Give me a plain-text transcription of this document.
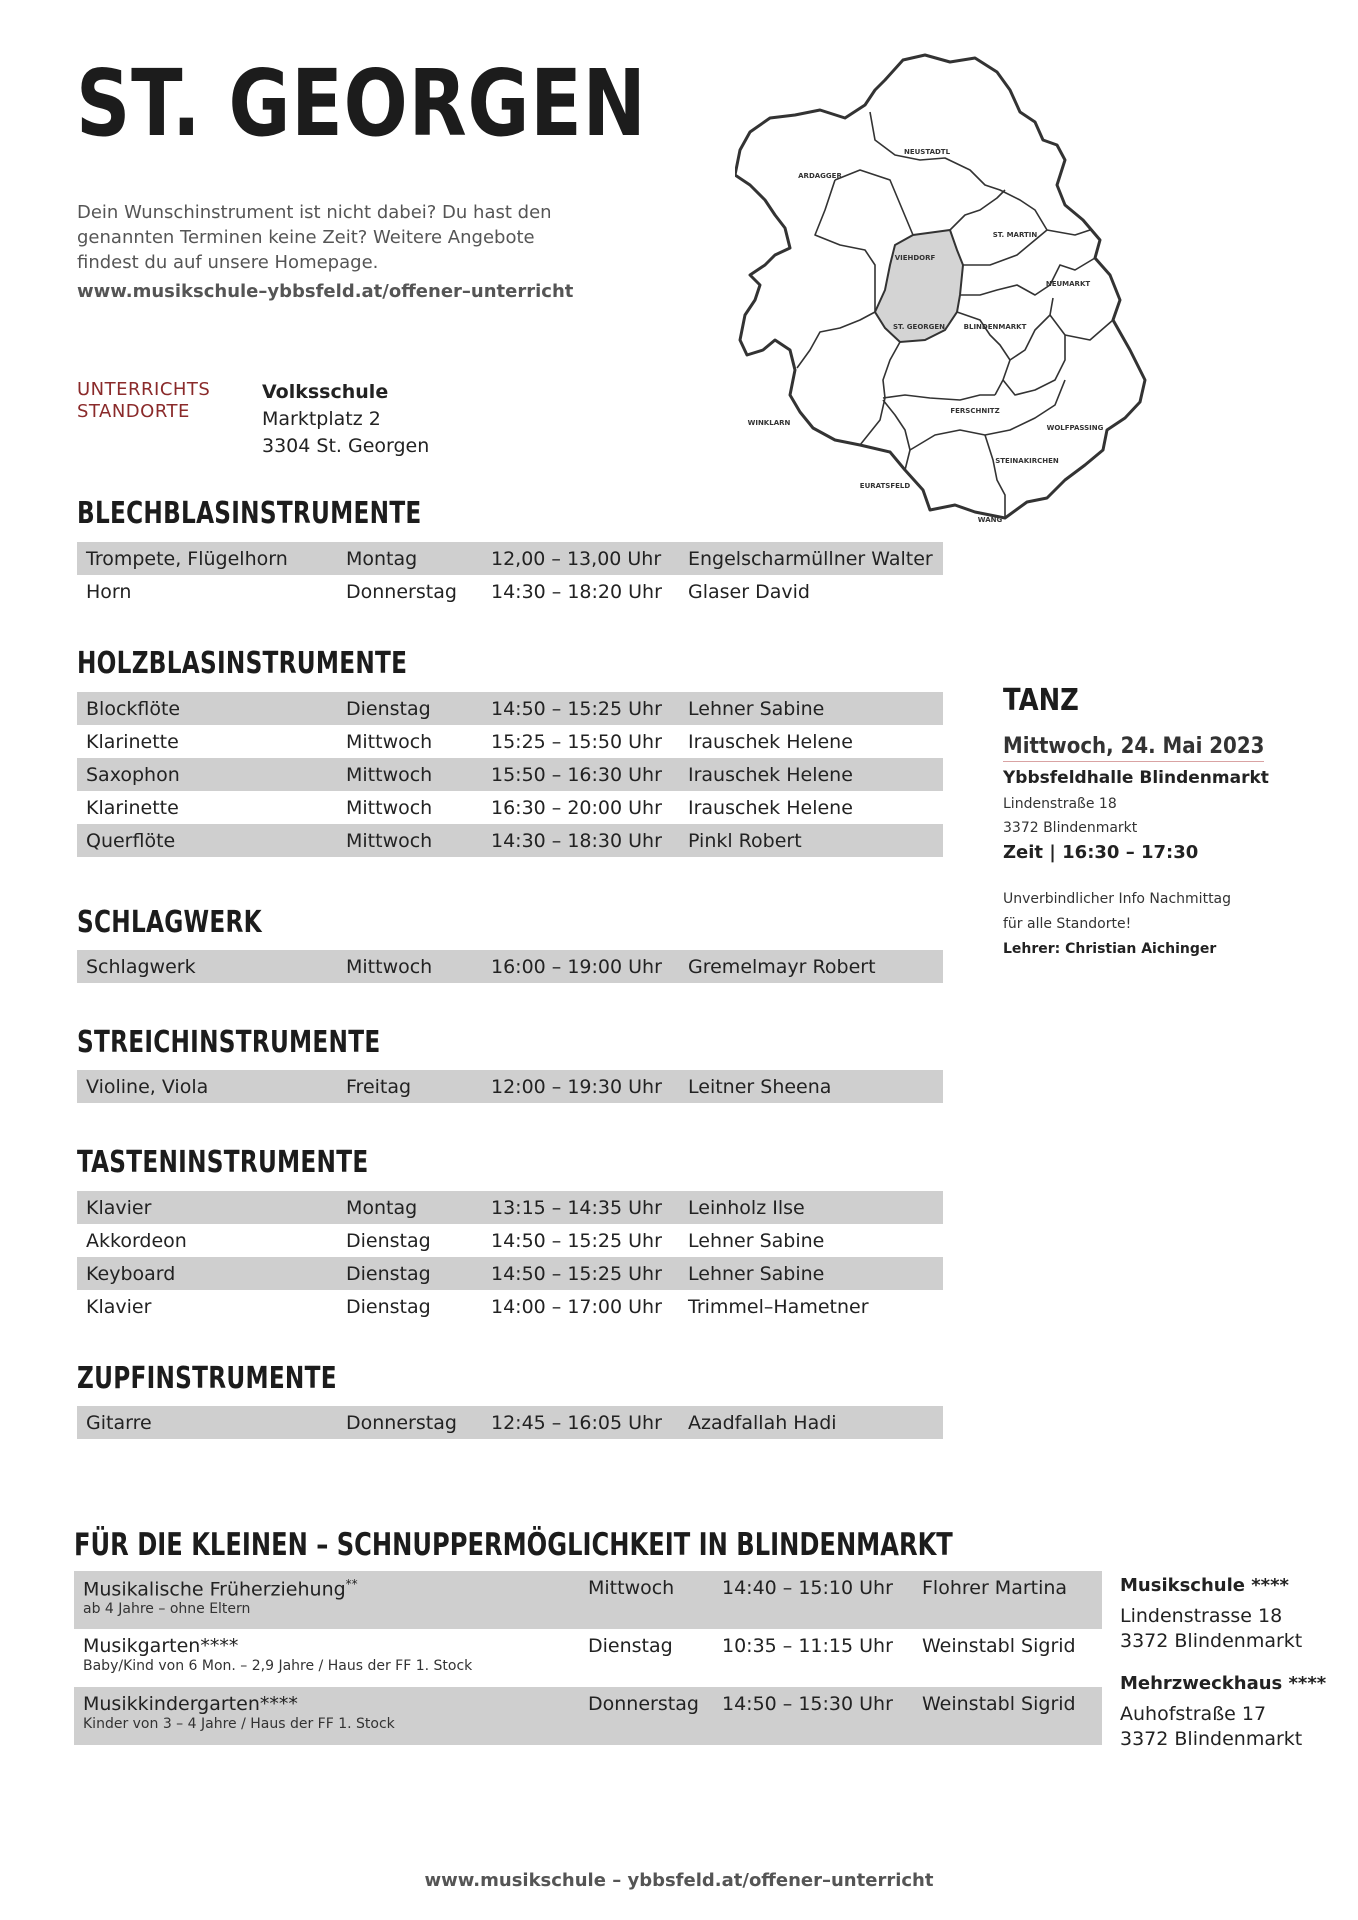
ST. GEORGEN
Dein Wunschinstrument ist nicht dabei? Du hast den genannten Terminen keine Zeit? Weitere Angebote findest du auf unsere Homepage.
www.musikschule–ybbsfeld.at/offener–unterricht
UNTERRICHTS
STANDORTE
Volksschule
Marktplatz 2
3304 St. Georgen
NEUSTADTL
ARDAGGER
ST. MARTIN
VIEHDORF
NEUMARKT
ST. GEORGEN	BLINDENMARKT
WINKLARN
FERSCHNITZ
WOLFPASSING
STEINAKIRCHEN
EURATSFELD
WANG
BLECHBLASINSTRUMENTE
Trompete, Flügelhorn	Montag	12,00 – 13,00 Uhr	Engelscharmüllner Walter
Horn	Donnerstag	14:30 – 18:20 Uhr	Glaser David
HOLZBLASINSTRUMENTE
Blockflöte	Dienstag	14:50 – 15:25 Uhr	Lehner Sabine
Klarinette	Mittwoch	15:25 – 15:50 Uhr	Irauschek Helene
Saxophon	Mittwoch	15:50 – 16:30 Uhr	Irauschek Helene
Klarinette	Mittwoch	16:30 – 20:00 Uhr	Irauschek Helene
Querflöte	Mittwoch	14:30 – 18:30 Uhr	Pinkl Robert
SCHLAGWERK
Schlagwerk	Mittwoch	16:00 – 19:00 Uhr	Gremelmayr Robert
STREICHINSTRUMENTE
Violine, Viola	Freitag	12:00 – 19:30 Uhr	Leitner Sheena
TASTENINSTRUMENTE
Klavier	Montag	13:15 – 14:35 Uhr	Leinholz Ilse
Akkordeon	Dienstag	14:50 – 15:25 Uhr	Lehner Sabine
Keyboard	Dienstag	14:50 – 15:25 Uhr	Lehner Sabine
Klavier	Dienstag	14:00 – 17:00 Uhr	Trimmel–Hametner
ZUPFINSTRUMENTE
Gitarre	Donnerstag	12:45 – 16:05 Uhr	Azadfallah Hadi
TANZ
Mittwoch, 24. Mai 2023
Ybbsfeldhalle Blindenmarkt
Lindenstraße 18
3372 Blindenmarkt
Zeit | 16:30 – 17:30
Unverbindlicher Info Nachmittag
für alle Standorte!
Lehrer: Christian Aichinger
FÜR DIE KLEINEN – SCHNUPPERMÖGLICHKEIT IN BLINDENMARKT
Musikalische Früherziehung**
ab 4 Jahre – ohne Eltern
Mittwoch	14:40 – 15:10 Uhr	Flohrer Martina
Musikgarten****
Baby/Kind von 6 Mon. – 2,9 Jahre / Haus der FF 1. Stock
Dienstag	10:35 – 11:15 Uhr	Weinstabl Sigrid
Musikkindergarten****
Kinder von 3 – 4 Jahre / Haus der FF 1. Stock
Donnerstag	14:50 – 15:30 Uhr	Weinstabl Sigrid
Musikschule ****
Lindenstrasse 18
3372 Blindenmarkt
Mehrzweckhaus ****
Auhofstraße 17
3372 Blindenmarkt
www.musikschule – ybbsfeld.at/offener–unterricht
